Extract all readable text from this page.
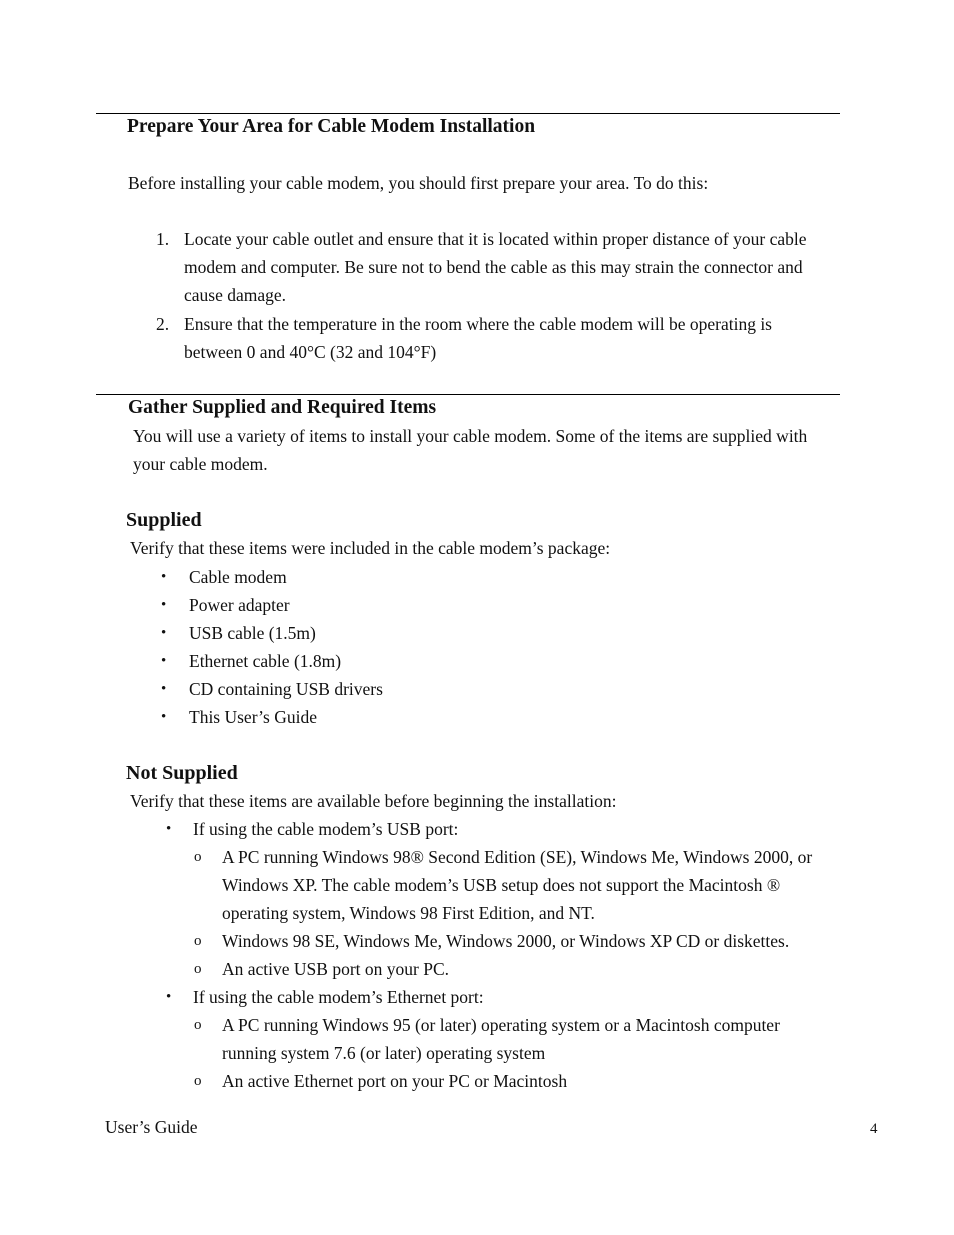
Prepare Your Area for Cable Modem Installation
Before installing your cable modem, you should first prepare your area. To do this:
1. Locate your cable outlet and ensure that it is located within proper distance of your cable
modem and computer. Be sure not to bend the cable as this may strain the connector and
cause damage.
2. Ensure that the temperature in the room where the cable modem will be operating is
between 0 and 40°C (32 and 104°F)
Gather Supplied and Required Items
You will use a variety of items to install your cable modem. Some of the items are supplied with
your cable modem.
Supplied
Verify that these items were included in the cable modem’s package:
• Cable modem
• Power adapter
• USB cable (1.5m)
• Ethernet cable (1.8m)
• CD containing USB drivers
• This User’s Guide
Not Supplied
Verify that these items are available before beginning the installation:
• If using the cable modem’s USB port:
o A PC running Windows 98® Second Edition (SE), Windows Me, Windows 2000, or
Windows XP. The cable modem’s USB setup does not support the Macintosh ®
operating system, Windows 98 First Edition, and NT.
o Windows 98 SE, Windows Me, Windows 2000, or Windows XP CD or diskettes.
o An active USB port on your PC.
• If using the cable modem’s Ethernet port:
o A PC running Windows 95 (or later) operating system or a Macintosh computer
running system 7.6 (or later) operating system
o An active Ethernet port on your PC or Macintosh
User’s Guide	4
